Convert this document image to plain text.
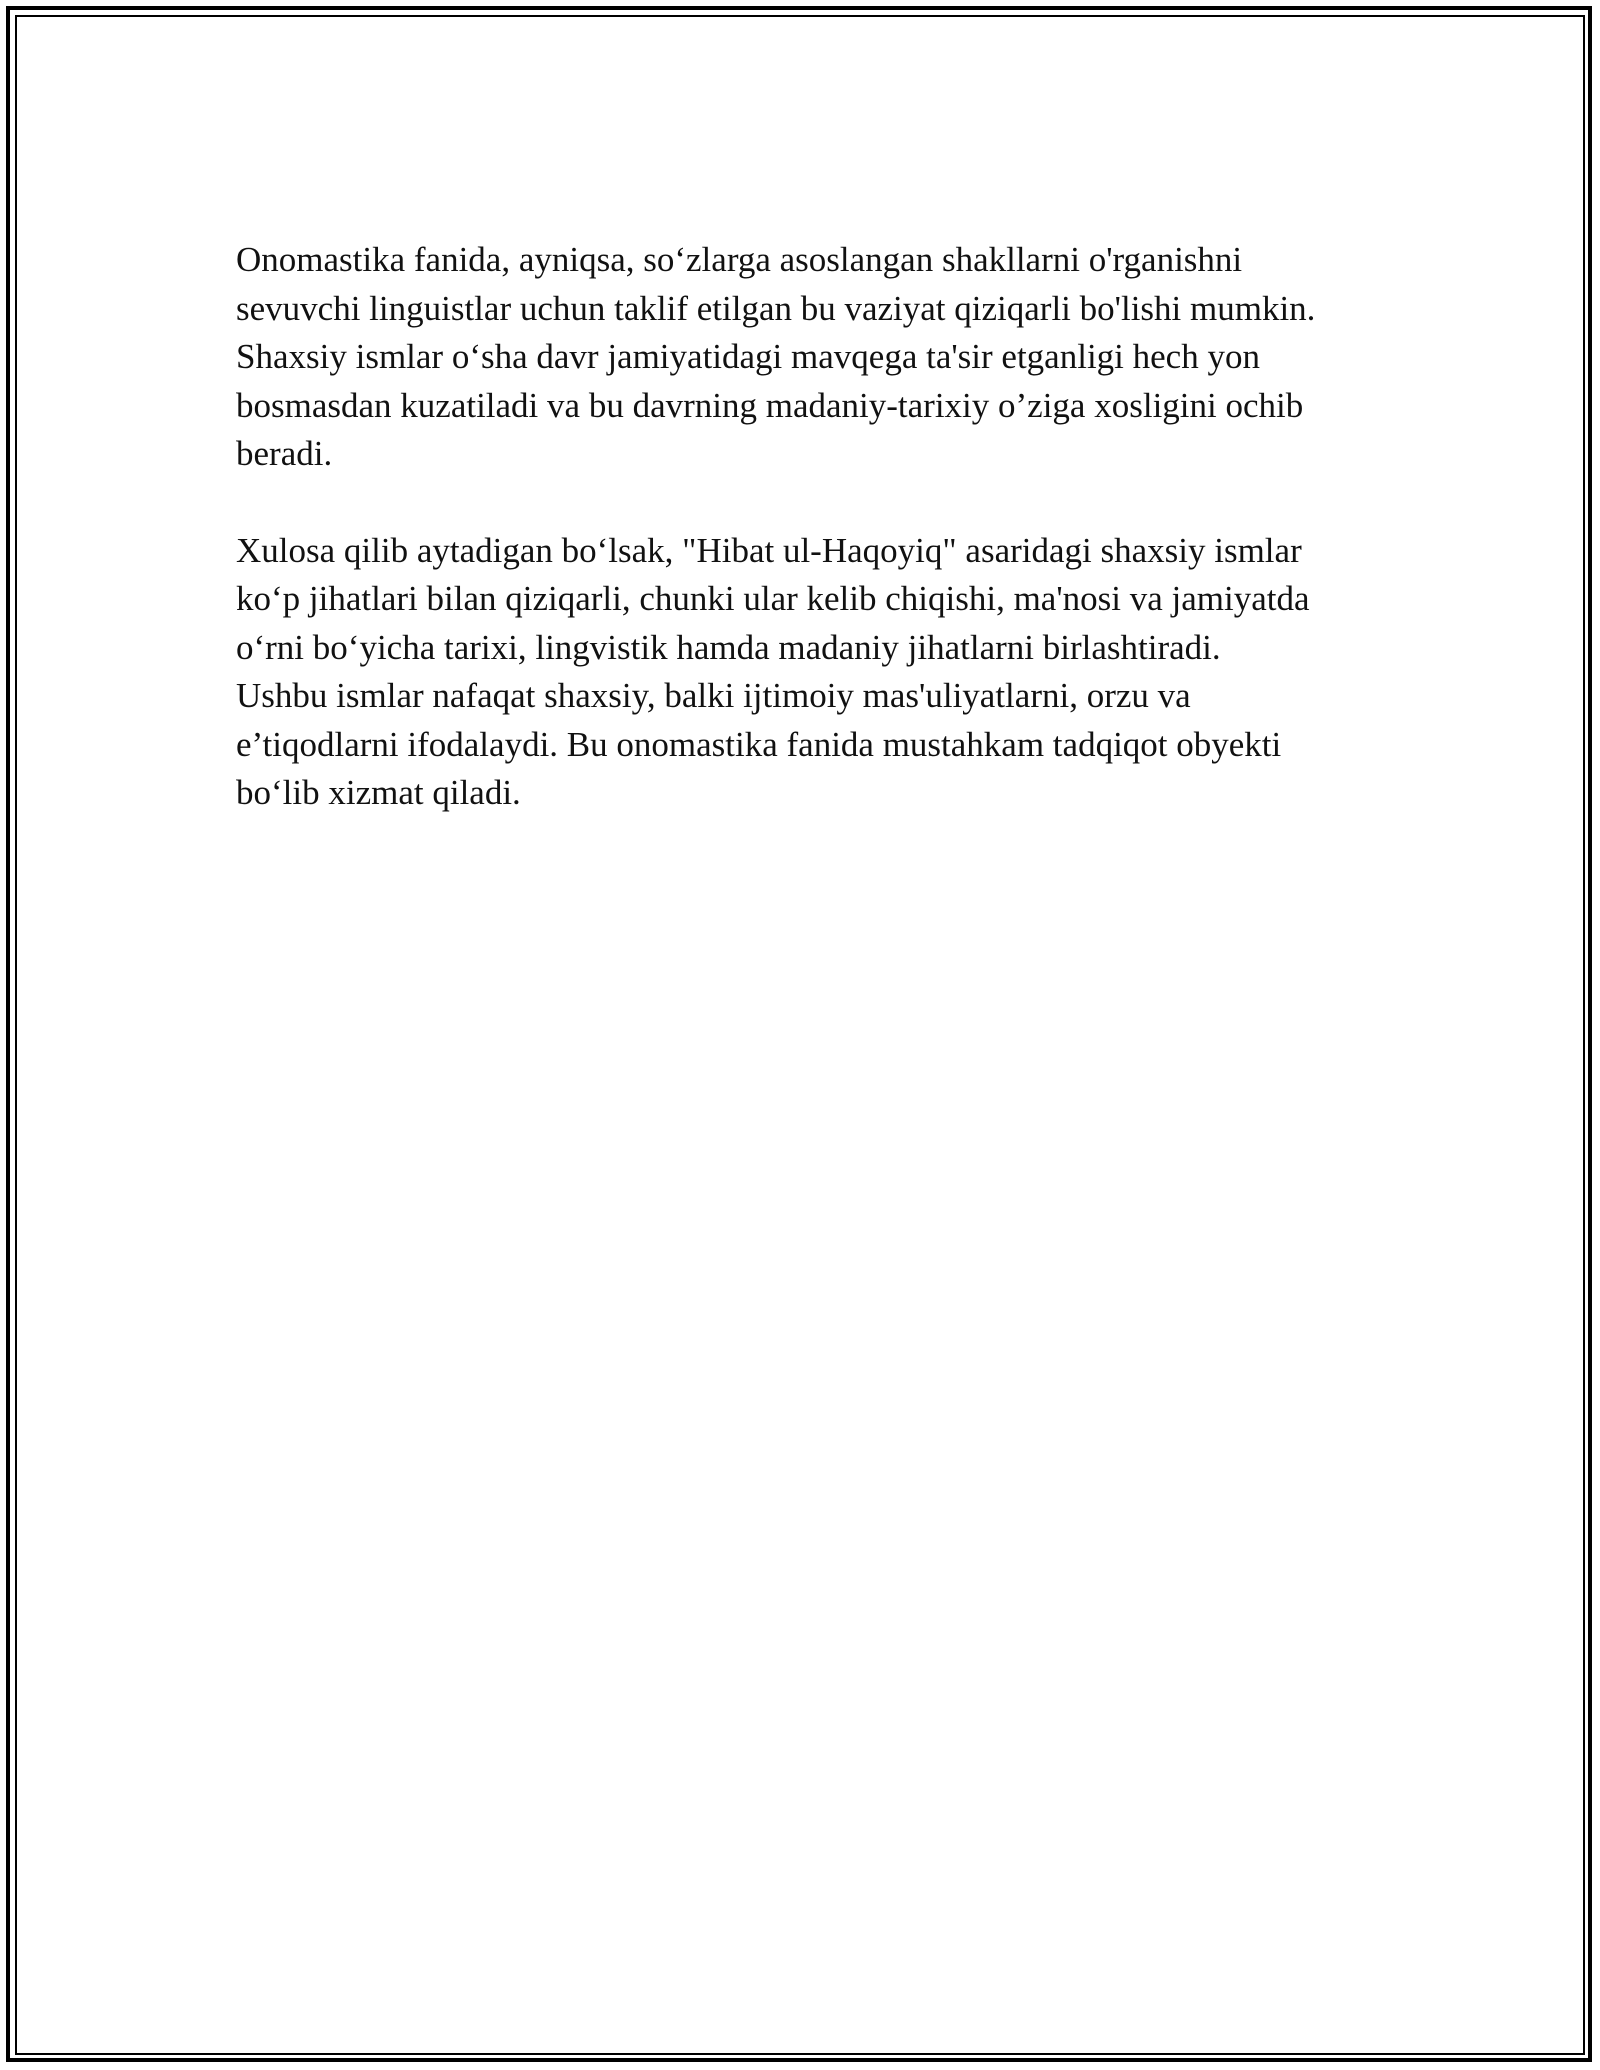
Onomastika fanida, ayniqsa, so‘zlarga asoslangan shakllarni o'rganishni
sevuvchi linguistlar uchun taklif etilgan bu vaziyat qiziqarli bo'lishi mumkin.
Shaxsiy ismlar o‘sha davr jamiyatidagi mavqega ta'sir etganligi hech yon
bosmasdan kuzatiladi va bu davrning madaniy-tarixiy o’ziga xosligini ochib
beradi.

Xulosa qilib aytadigan bo‘lsak, "Hibat ul-Haqoyiq" asaridagi shaxsiy ismlar
ko‘p jihatlari bilan qiziqarli, chunki ular kelib chiqishi, ma'nosi va jamiyatda
o‘rni bo‘yicha tarixi, lingvistik hamda madaniy jihatlarni birlashtiradi.
Ushbu ismlar nafaqat shaxsiy, balki ijtimoiy mas'uliyatlarni, orzu va
e’tiqodlarni ifodalaydi. Bu onomastika fanida mustahkam tadqiqot obyekti
bo‘lib xizmat qiladi.
